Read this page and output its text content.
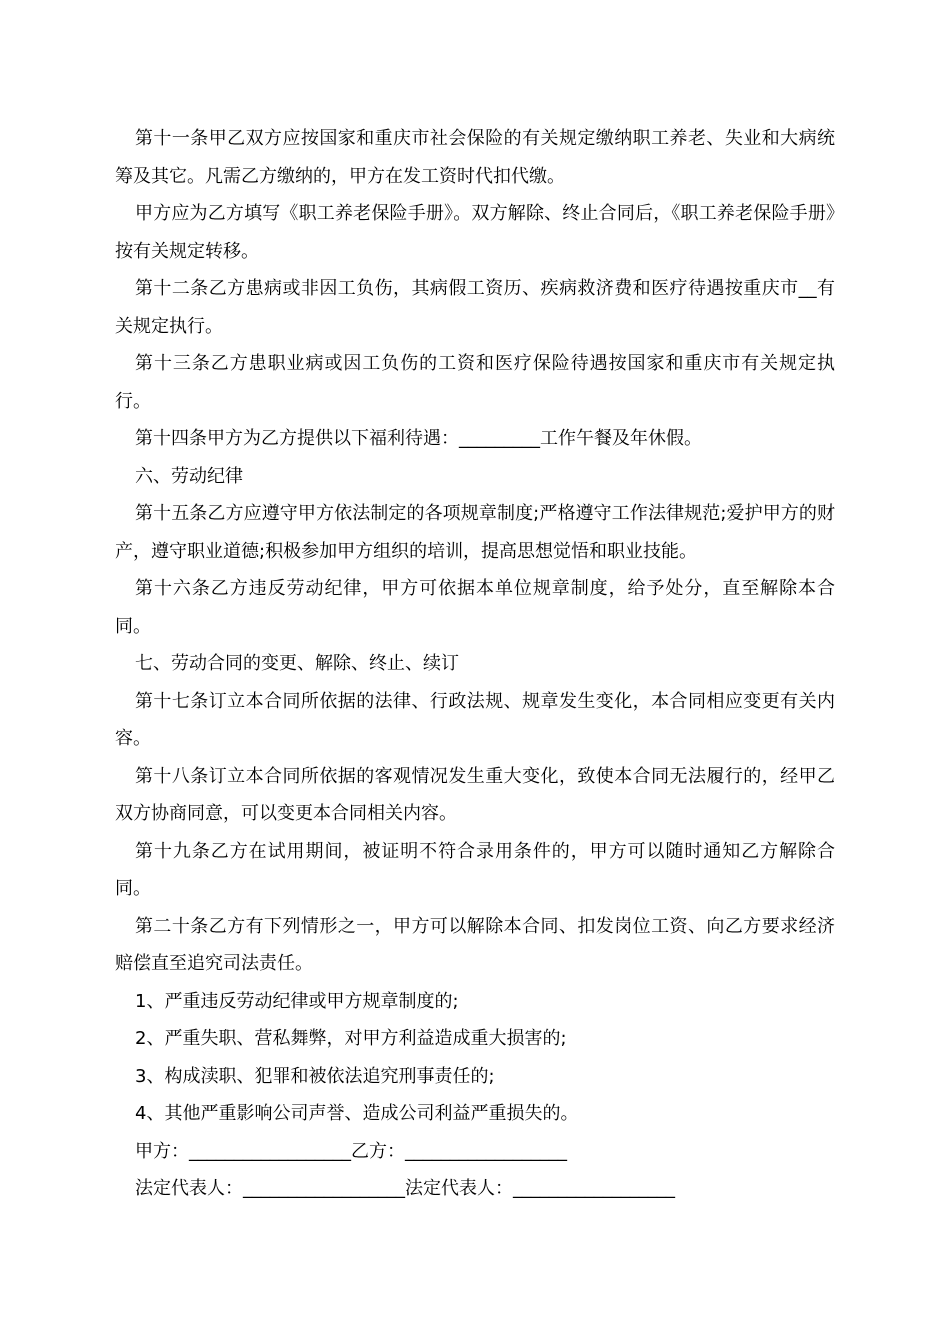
第十一条甲乙双方应按国家和重庆市社会保险的有关规定缴纳职工养老、失业和大病统筹及其它。凡需乙方缴纳的，甲方在发工资时代扣代缴。

甲方应为乙方填写《职工养老保险手册》。双方解除、终止合同后，《职工养老保险手册》按有关规定转移。

第十二条乙方患病或非因工负伤，其病假工资历、疾病救济费和医疗待遇按重庆市__有关规定执行。

第十三条乙方患职业病或因工负伤的工资和医疗保险待遇按国家和重庆市有关规定执行。

第十四条甲方为乙方提供以下福利待遇：_________工作午餐及年休假。

六、劳动纪律

第十五条乙方应遵守甲方依法制定的各项规章制度;严格遵守工作法律规范;爱护甲方的财产，遵守职业道德;积极参加甲方组织的培训，提高思想觉悟和职业技能。

第十六条乙方违反劳动纪律，甲方可依据本单位规章制度，给予处分，直至解除本合同。

七、劳动合同的变更、解除、终止、续订

第十七条订立本合同所依据的法律、行政法规、规章发生变化，本合同相应变更有关内容。

第十八条订立本合同所依据的客观情况发生重大变化，致使本合同无法履行的，经甲乙双方协商同意，可以变更本合同相关内容。

第十九条乙方在试用期间，被证明不符合录用条件的，甲方可以随时通知乙方解除合同。

第二十条乙方有下列情形之一，甲方可以解除本合同、扣发岗位工资、向乙方要求经济赔偿直至追究司法责任。

1、严重违反劳动纪律或甲方规章制度的;

2、严重失职、营私舞弊，对甲方利益造成重大损害的;

3、构成渎职、犯罪和被依法追究刑事责任的;

4、其他严重影响公司声誉、造成公司利益严重损失的。

甲方：__________________乙方：__________________

法定代表人：__________________法定代表人：__________________
